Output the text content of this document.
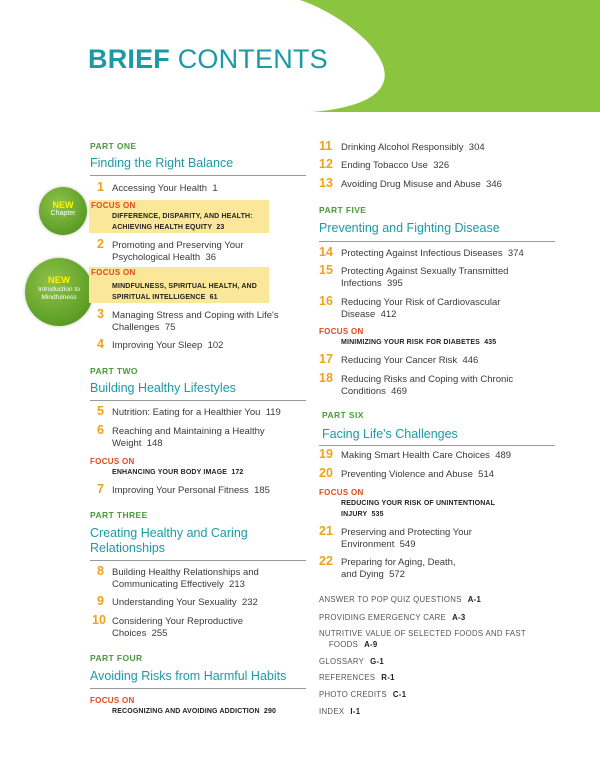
BRIEF CONTENTS
NEW
Chapter
NEW
Introduction to Mindfulness
PART ONE
Finding the Right Balance
1 Accessing Your Health 1
FOCUS ON
DIFFERENCE, DISPARITY, AND HEALTH:
ACHIEVING HEALTH EQUITY  23
2 Promoting and Preserving Your
Psychological Health  36
FOCUS ON
MINDFULNESS, SPIRITUAL HEALTH, AND
SPIRITUAL INTELLIGENCE  61
3 Managing Stress and Coping with Life's
Challenges  75
4 Improving Your Sleep 102
PART TWO
Building Healthy Lifestyles
5 Nutrition: Eating for a Healthier You 119
6 Reaching and Maintaining a Healthy
Weight  148
FOCUS ON
ENHANCING YOUR BODY IMAGE 172
7 Improving Your Personal Fitness 185
PART THREE
Creating Healthy and Caring Relationships
8 Building Healthy Relationships and
Communicating Effectively  213
9 Understanding Your Sexuality 232
10 Considering Your Reproductive
Choices  255
PART FOUR
Avoiding Risks from Harmful Habits
FOCUS ON
RECOGNIZING AND AVOIDING ADDICTION 290
11 Drinking Alcohol Responsibly 304
12 Ending Tobacco Use 326
13 Avoiding Drug Misuse and Abuse 346
PART FIVE
Preventing and Fighting Disease
14 Protecting Against Infectious Diseases 374
15 Protecting Against Sexually Transmitted
Infections  395
16 Reducing Your Risk of Cardiovascular
Disease  412
FOCUS ON
MINIMIZING YOUR RISK FOR DIABETES 435
17 Reducing Your Cancer Risk 446
18 Reducing Risks and Coping with Chronic
Conditions  469
PART SIX
Facing Life's Challenges
19 Making Smart Health Care Choices 489
20 Preventing Violence and Abuse 514
FOCUS ON
REDUCING YOUR RISK OF UNINTENTIONAL
INJURY  535
21 Preserving and Protecting Your
Environment  549
22 Preparing for Aging, Death,
and Dying  572
ANSWER TO POP QUIZ QUESTIONS A-1
PROVIDING EMERGENCY CARE A-3
NUTRITIVE VALUE OF SELECTED FOODS AND FAST
FOODS A-9
GLOSSARY G-1
REFERENCES R-1
PHOTO CREDITS C-1
INDEX I-1
